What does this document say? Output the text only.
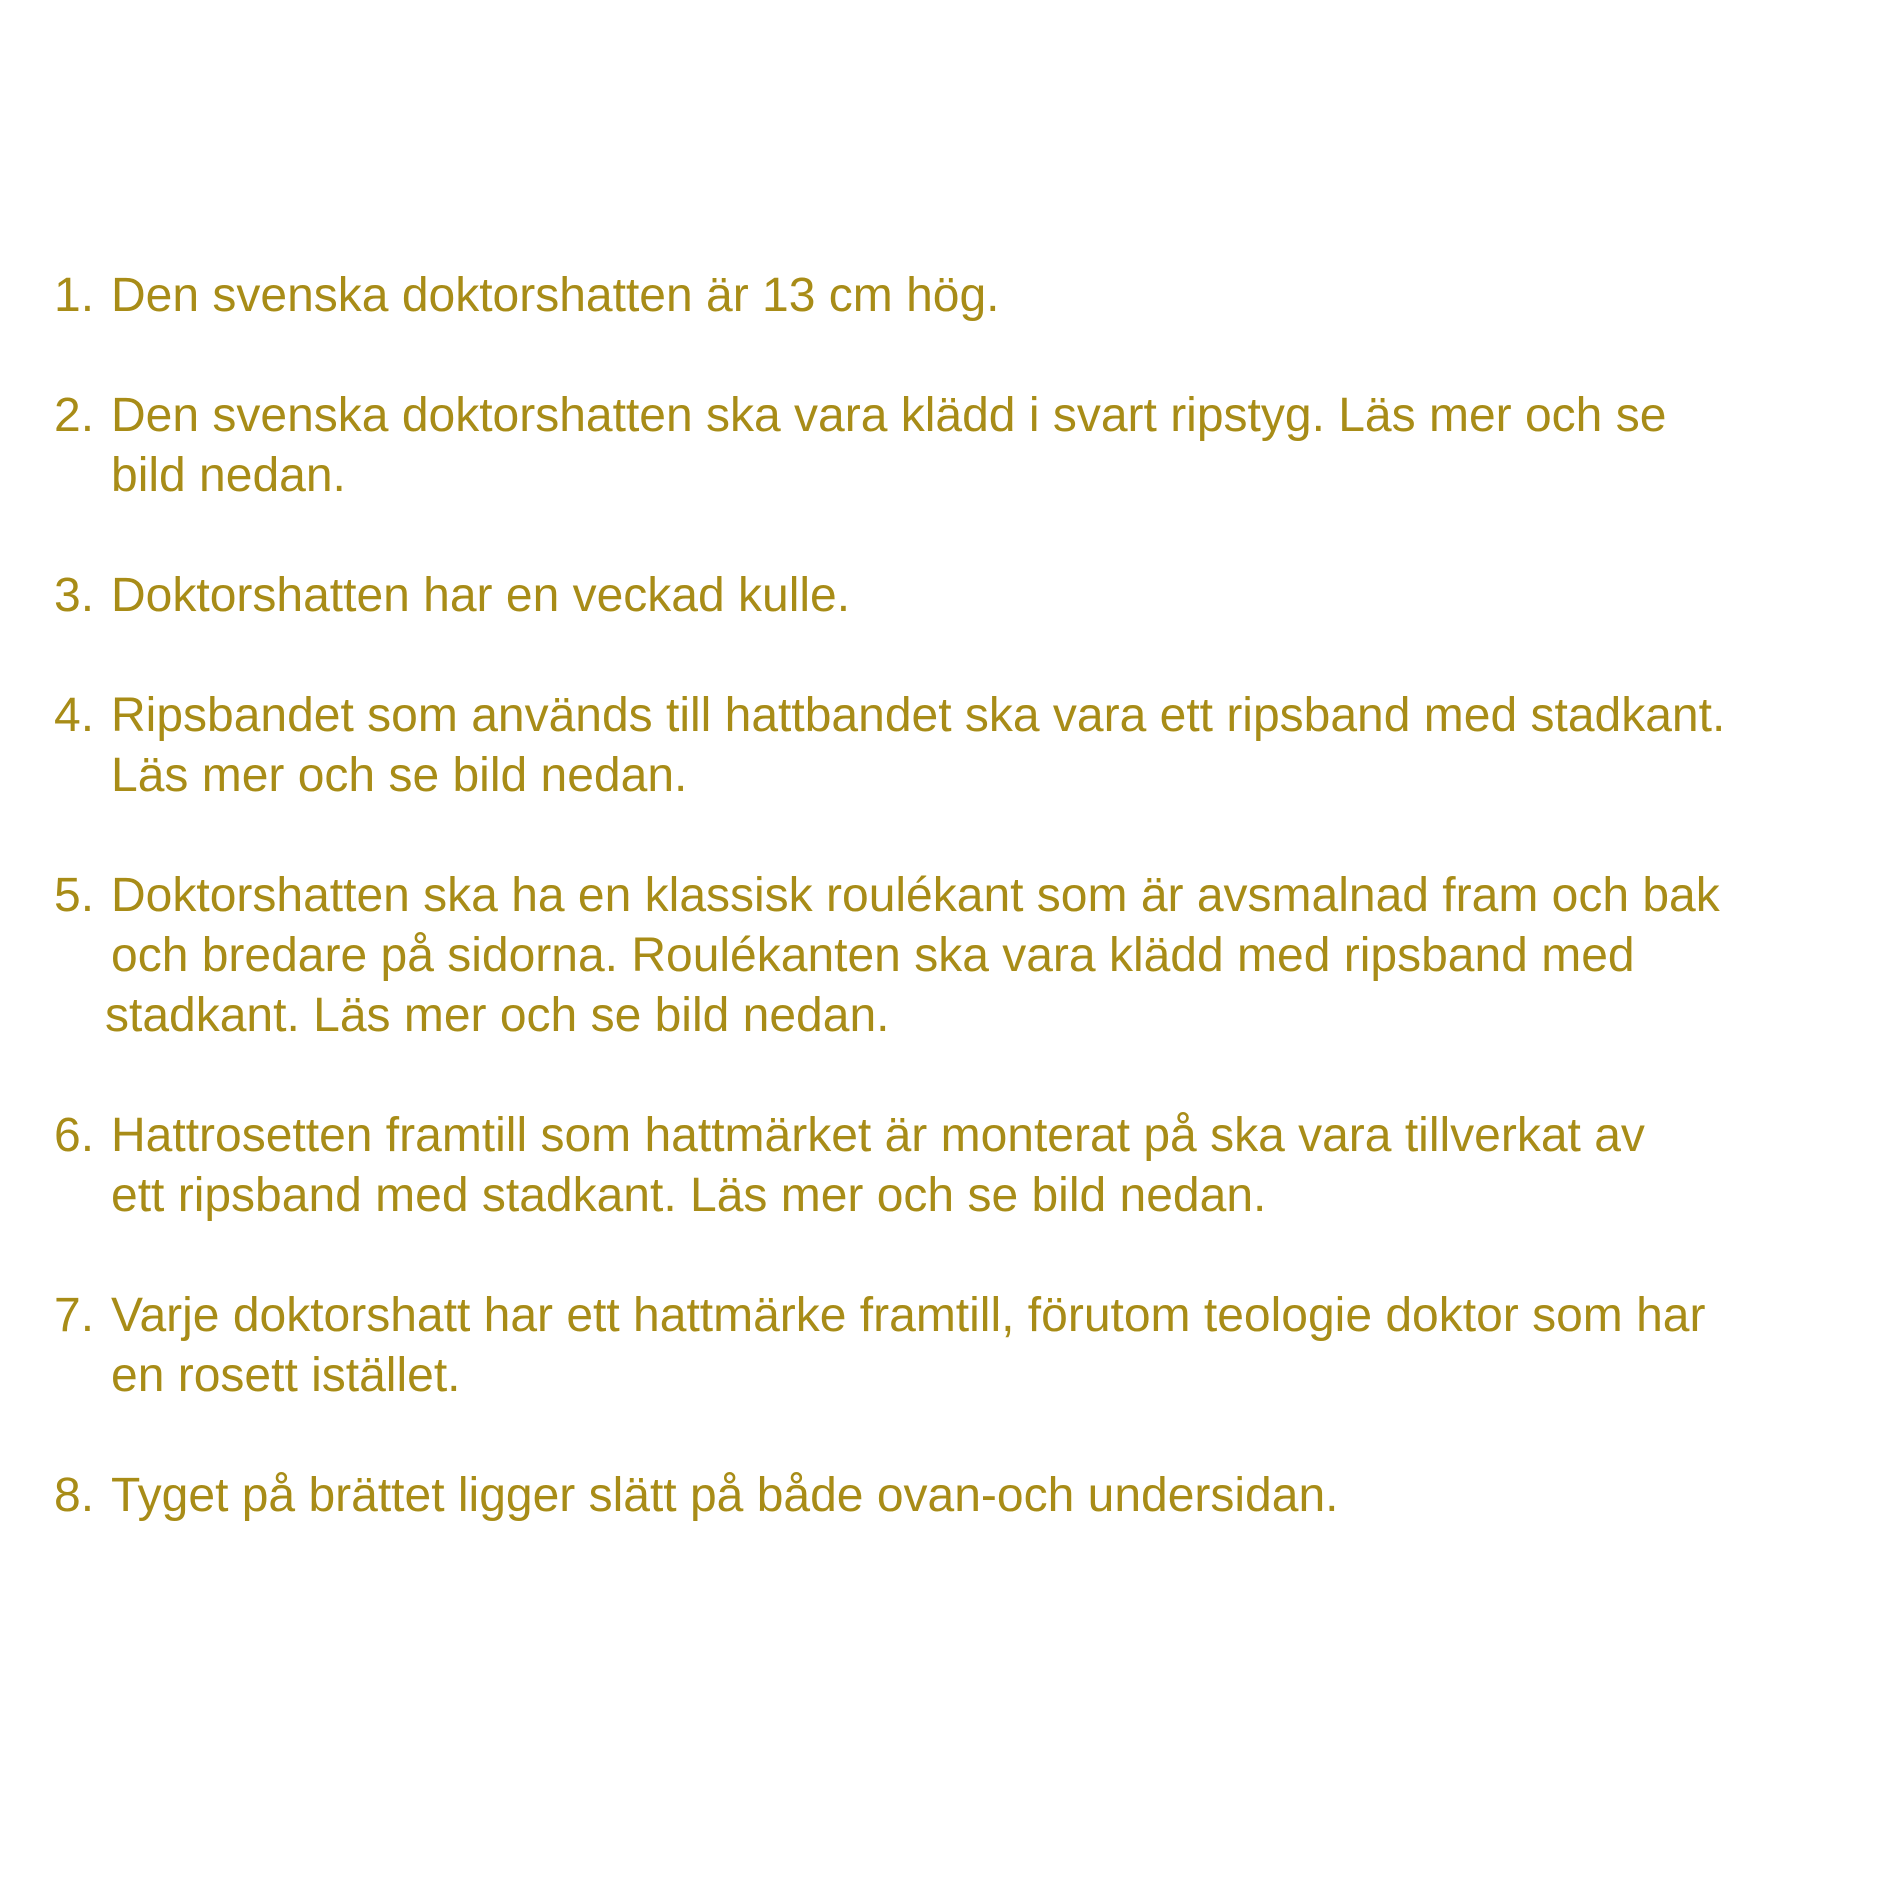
1. Den svenska doktorshatten är 13 cm hög.
2. Den svenska doktorshatten ska vara klädd i svart ripstyg. Läs mer och se
bild nedan.
3. Doktorshatten har en veckad kulle.
4. Ripsbandet som används till hattbandet ska vara ett ripsband med stadkant.
Läs mer och se bild nedan.
5. Doktorshatten ska ha en klassisk roulékant som är avsmalnad fram och bak
och bredare på sidorna. Roulékanten ska vara klädd med ripsband med
stadkant. Läs mer och se bild nedan.
6. Hattrosetten framtill som hattmärket är monterat på ska vara tillverkat av
ett ripsband med stadkant. Läs mer och se bild nedan.
7. Varje doktorshatt har ett hattmärke framtill, förutom teologie doktor som har
en rosett istället.
8. Tyget på brättet ligger slätt på både ovan-och undersidan.
